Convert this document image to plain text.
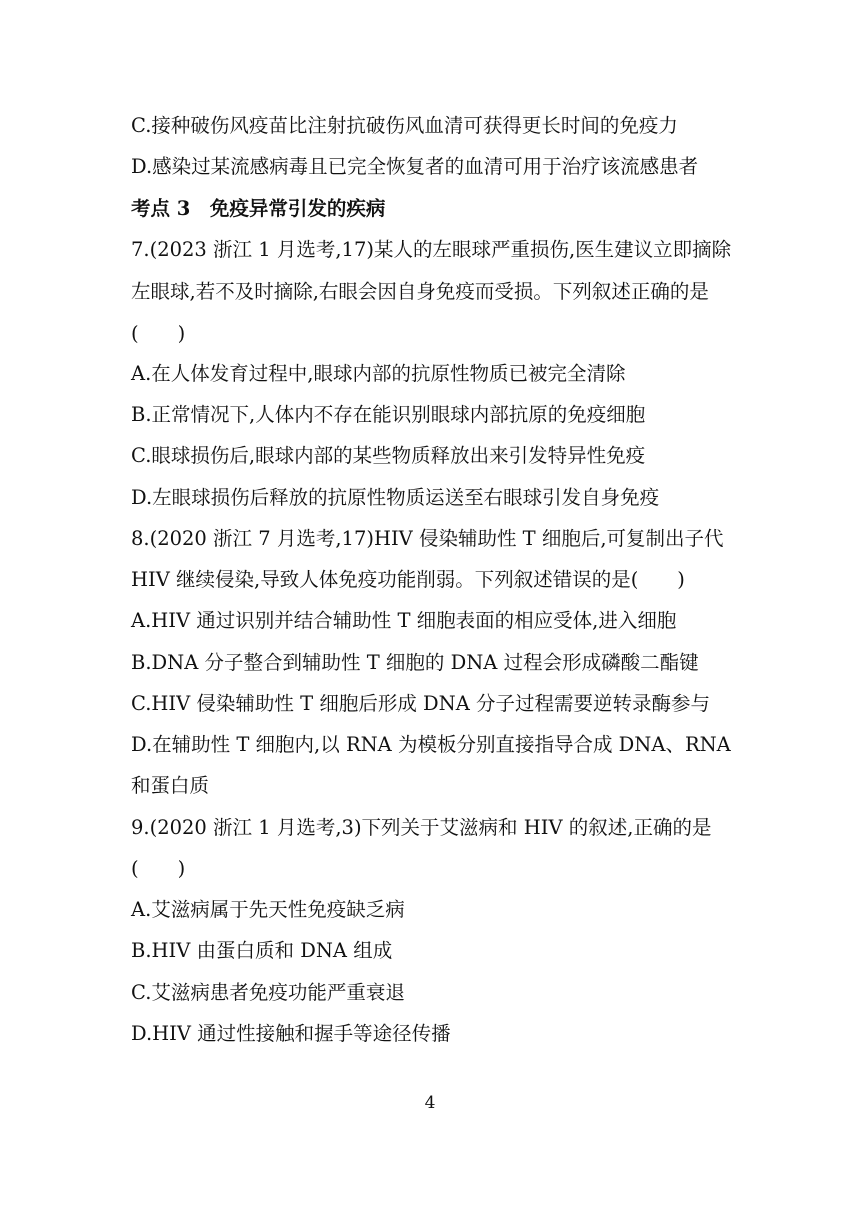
C.接种破伤风疫苗比注射抗破伤风血清可获得更长时间的免疫力
D.感染过某流感病毒且已完全恢复者的血清可用于治疗该流感患者
考点 3　免疫异常引发的疾病
7.(2023 浙江 1 月选考,17)某人的左眼球严重损伤,医生建议立即摘除
左眼球,若不及时摘除,右眼会因自身免疫而受损。下列叙述正确的是
(　　)
A.在人体发育过程中,眼球内部的抗原性物质已被完全清除
B.正常情况下,人体内不存在能识别眼球内部抗原的免疫细胞
C.眼球损伤后,眼球内部的某些物质释放出来引发特异性免疫
D.左眼球损伤后释放的抗原性物质运送至右眼球引发自身免疫
8.(2020 浙江 7 月选考,17)HIV 侵染辅助性 T 细胞后,可复制出子代
HIV 继续侵染,导致人体免疫功能削弱。下列叙述错误的是(　　)
A.HIV 通过识别并结合辅助性 T 细胞表面的相应受体,进入细胞
B.DNA 分子整合到辅助性 T 细胞的 DNA 过程会形成磷酸二酯键
C.HIV 侵染辅助性 T 细胞后形成 DNA 分子过程需要逆转录酶参与
D.在辅助性 T 细胞内,以 RNA 为模板分别直接指导合成 DNA、RNA
和蛋白质
9.(2020 浙江 1 月选考,3)下列关于艾滋病和 HIV 的叙述,正确的是
(　　)
A.艾滋病属于先天性免疫缺乏病
B.HIV 由蛋白质和 DNA 组成
C.艾滋病患者免疫功能严重衰退
D.HIV 通过性接触和握手等途径传播
4
